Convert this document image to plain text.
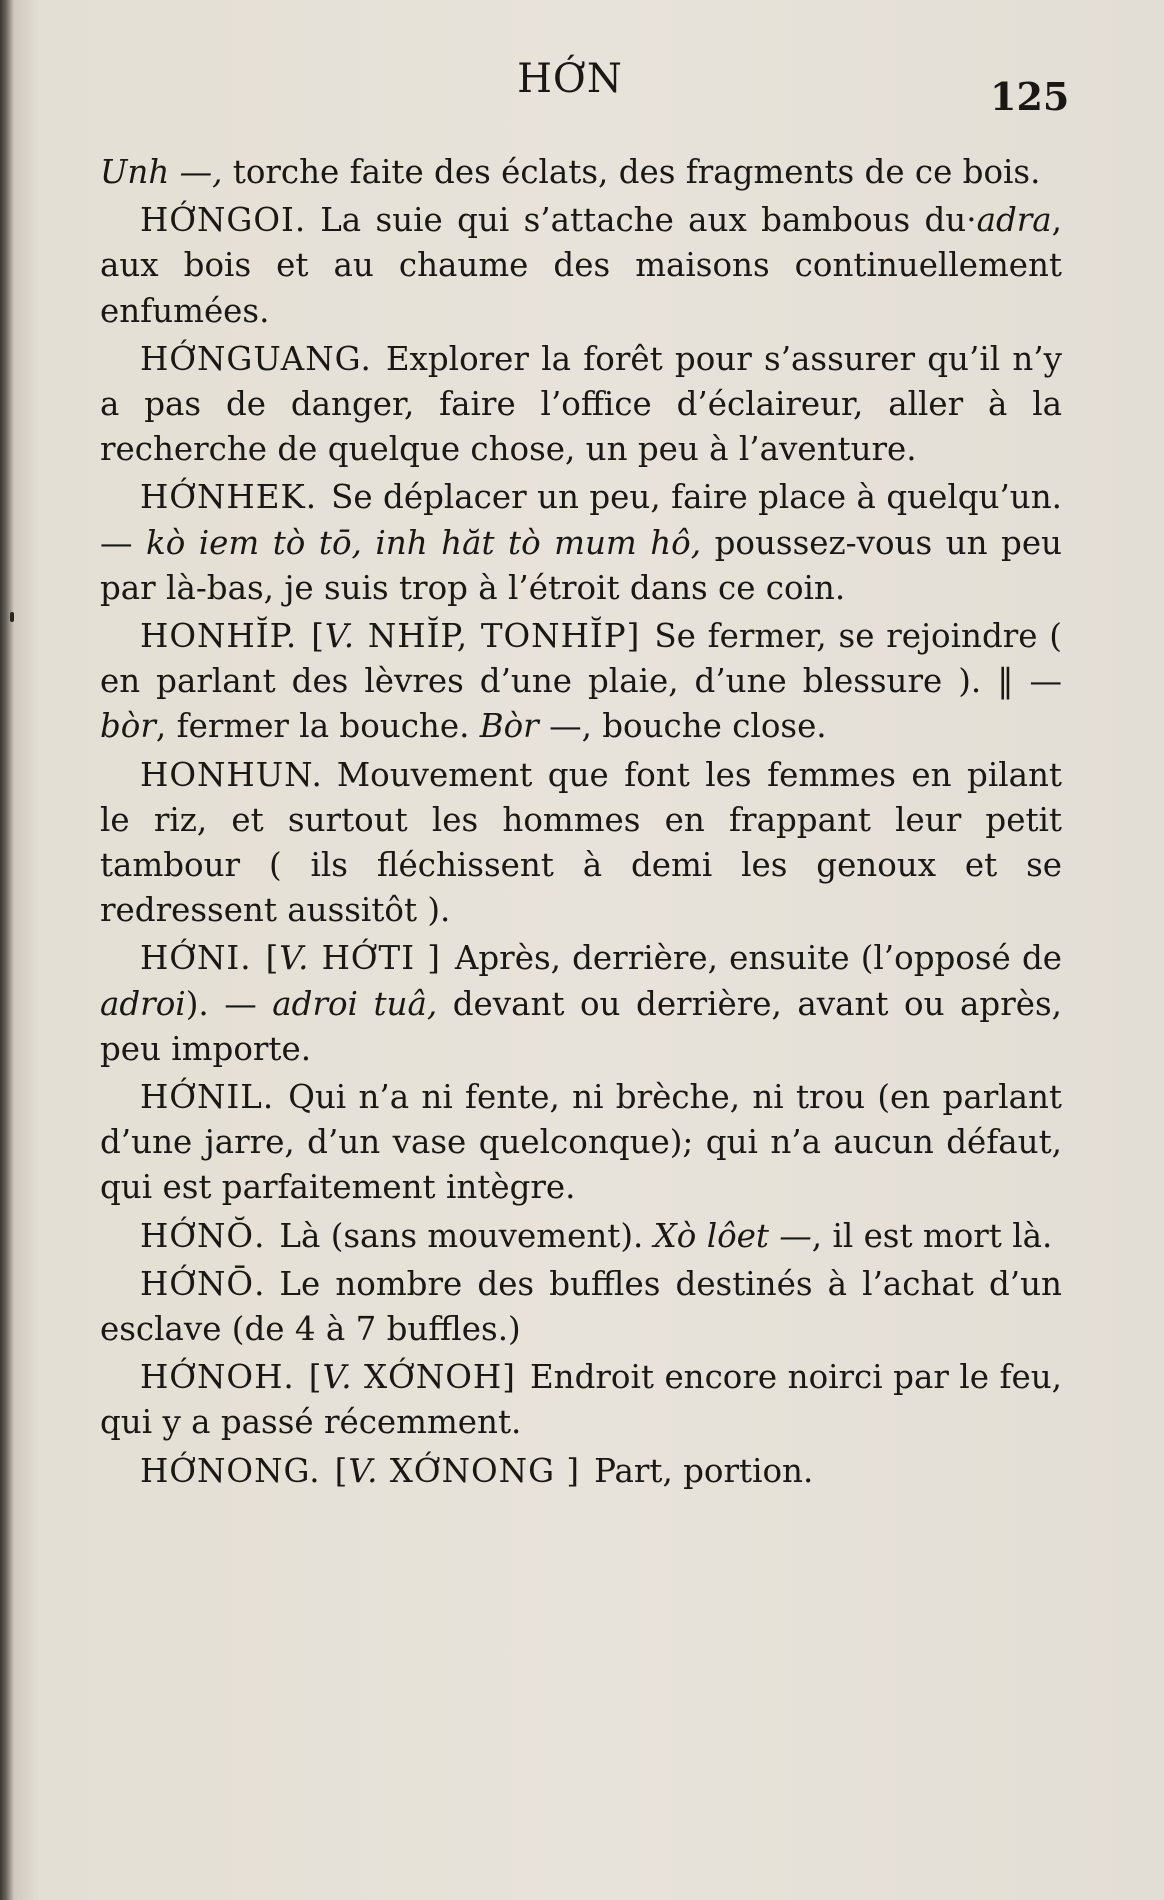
HỚN	125

Unh —, torche faite des éclats, des fragments de ce bois.

HỚNGOI. La suie qui s’attache aux bambous du·adra, aux bois et au chaume des maisons continuellement enfumées.

HỚNGUANG. Explorer la forêt pour s’assurer qu’il n’y a pas de danger, faire l’office d’éclaireur, aller à la recherche de quelque chose, un peu à l’aventure.

HỚNHEK. Se déplacer un peu, faire place à quelqu’un. — kò iem tò tō, inh hăt tò mum hô, poussez-vous un peu par là-bas, je suis trop à l’étroit dans ce coin.

HONHĬP. [V. NHĬP, TONHĬP] Se fermer, se rejoindre ( en parlant des lèvres d’une plaie, d’une blessure ). ‖ — bòr, fermer la bouche. Bòr —, bouche close.

HONHUN. Mouvement que font les femmes en pilant le riz, et surtout les hommes en frappant leur petit tambour ( ils fléchissent à demi les genoux et se redressent aussitôt ).

HỚNI. [V. HỚTI ] Après, derrière, ensuite (l’opposé de adroi). — adroi tuâ, devant ou derrière, avant ou après, peu importe.

HỚNIL. Qui n’a ni fente, ni brèche, ni trou (en parlant d’une jarre, d’un vase quelconque); qui n’a aucun défaut, qui est parfaitement intègre.

HỚNŎ. Là (sans mouvement). Xò lôet —, il est mort là.

HỚNŌ. Le nombre des buffles destinés à l’achat d’un esclave (de 4 à 7 buffles.)

HỚNOH. [V. XỚNOH] Endroit encore noirci par le feu, qui y a passé récemment.

HỚNONG. [V. XỚNONG ] Part, portion.
